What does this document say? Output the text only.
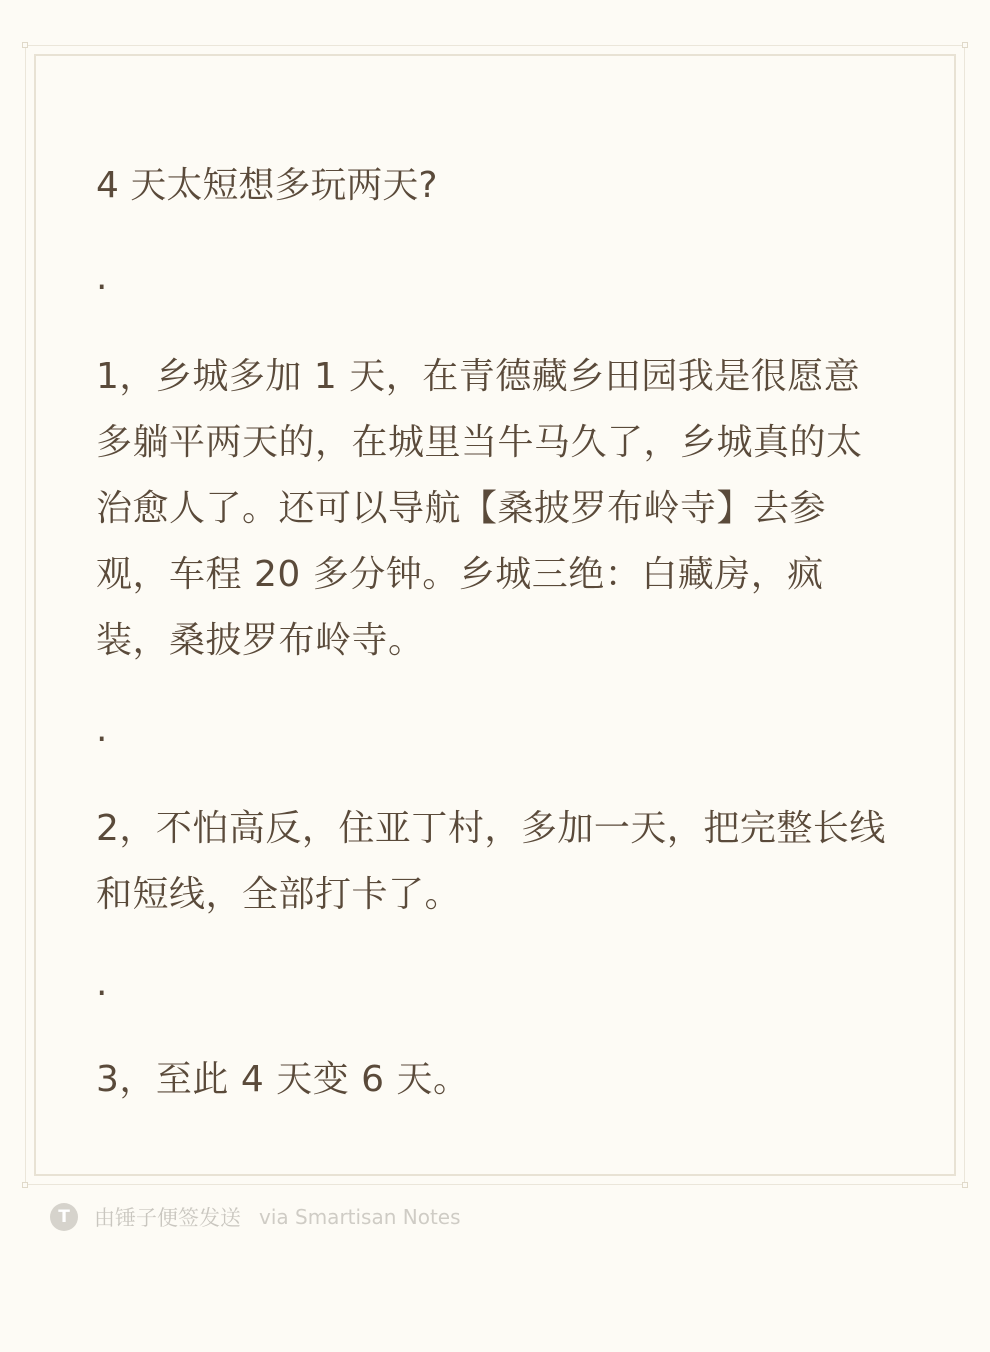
4 天太短想多玩两天?
.

1，乡城多加 1 天，在青德藏乡田园我是很愿意多躺平两天的，在城里当牛马久了，乡城真的太治愈人了。还可以导航【桑披罗布岭寺】去参观，车程 20 多分钟。乡城三绝：白藏房，疯装，桑披罗布岭寺。

.

2，不怕高反，住亚丁村，多加一天，把完整长线和短线，全部打卡了。

.

3，至此 4 天变 6 天。

T	由锤子便签发送 via Smartisan Notes
